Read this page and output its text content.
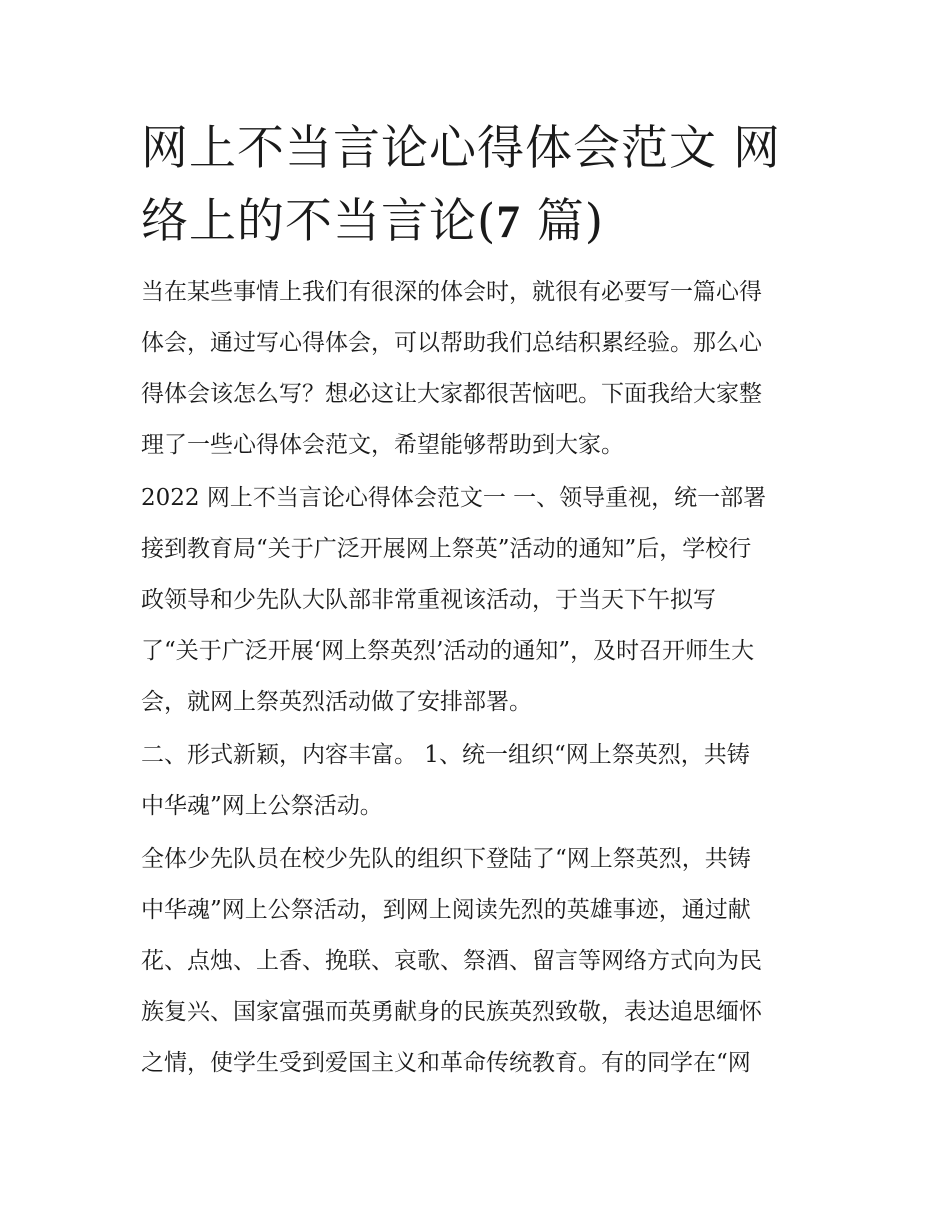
网上不当言论心得体会范文 网
络上的不当言论(7 篇)
当在某些事情上我们有很深的体会时，就很有必要写一篇心得
体会，通过写心得体会，可以帮助我们总结积累经验。那么心
得体会该怎么写？想必这让大家都很苦恼吧。下面我给大家整
理了一些心得体会范文，希望能够帮助到大家。
2022 网上不当言论心得体会范文一 一、领导重视，统一部署
接到教育局“关于广泛开展网上祭英”活动的通知”后，学校行
政领导和少先队大队部非常重视该活动，于当天下午拟写
了“关于广泛开展‘网上祭英烈’活动的通知”，及时召开师生大
会，就网上祭英烈活动做了安排部署。
二、形式新颖，内容丰富。 1、统一组织“网上祭英烈，共铸
中华魂”网上公祭活动。
全体少先队员在校少先队的组织下登陆了“网上祭英烈，共铸
中华魂”网上公祭活动，到网上阅读先烈的英雄事迹，通过献
花、点烛、上香、挽联、哀歌、祭酒、留言等网络方式向为民
族复兴、国家富强而英勇献身的民族英烈致敬，表达追思缅怀
之情，使学生受到爱国主义和革命传统教育。有的同学在“网
